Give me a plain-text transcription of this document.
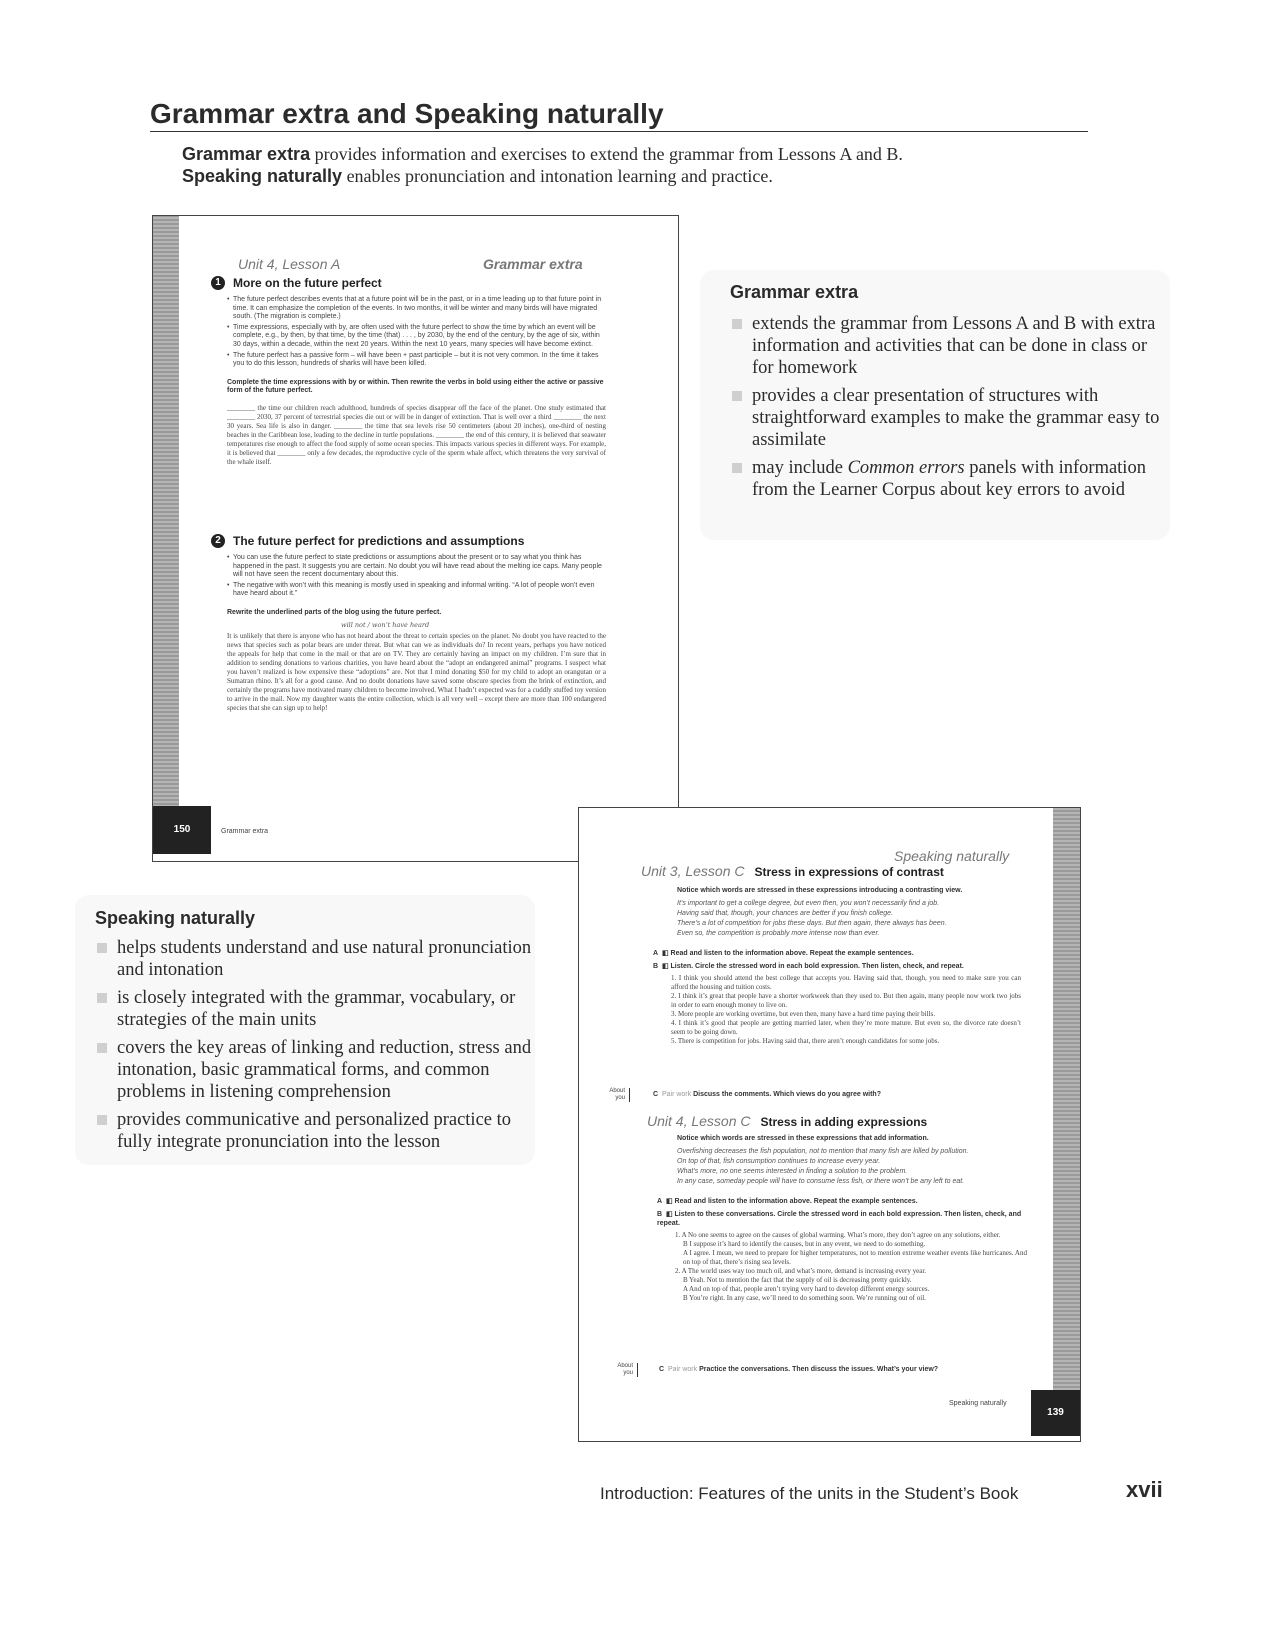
Grammar extra and Speaking naturally
Grammar extra provides information and exercises to extend the grammar from Lessons A and B.
Speaking naturally enables pronunciation and intonation learning and practice.
Grammar extra
extends the grammar from Lessons A and B with extra information and activities that can be done in class or for homework
provides a clear presentation of structures with straightforward examples to make the grammar easy to assimilate
may include Common errors panels with information from the Learner Corpus about key errors to avoid
Speaking naturally
helps students understand and use natural pronunciation and intonation
is closely integrated with the grammar, vocabulary, or strategies of the main units
covers the key areas of linking and reduction, stress and intonation, basic grammatical forms, and common problems in listening comprehension
provides communicative and personalized practice to fully integrate pronunciation into the lesson
150	Grammar extra
Unit 4, Lesson A	Grammar extra
1	More on the future perfect
• The future perfect describes events that at a future point will be in the past, or in a time leading up to that future point in time. It can emphasize the completion of the events. In two months, it will be winter and many birds will have migrated south. (The migration is complete.)
• Time expressions, especially with by, are often used with the future perfect to show the time by which an event will be complete, e.g., by then, by that time, by the time (that) . . . , by 2030, by the end of the century, by the age of six, within 30 days, within a decade, within the next 20 years. Within the next 10 years, many species will have become extinct.
• The future perfect has a passive form – will have been + past participle – but it is not very common. In the time it takes you to do this lesson, hundreds of sharks will have been killed.
Complete the time expressions with by or within. Then rewrite the verbs in bold using either the active or passive form of the future perfect.
________ the time our children reach adulthood, hundreds of species disappear off the face of the planet. One study estimated that ________ 2030, 37 percent of terrestrial species die out or will be in danger of extinction. That is well over a third ________ the next 30 years. Sea life is also in danger. ________ the time that sea levels rise 50 centimeters (about 20 inches), one-third of nesting beaches in the Caribbean lose, leading to the decline in turtle populations. ________ the end of this century, it is believed that seawater temperatures rise enough to affect the food supply of some ocean species. This impacts various species in different ways. For example, it is believed that ________ only a few decades, the reproductive cycle of the sperm whale affect, which threatens the very survival of the whale itself.
2	The future perfect for predictions and assumptions
• You can use the future perfect to state predictions or assumptions about the present or to say what you think has happened in the past. It suggests you are certain. No doubt you will have read about the melting ice caps. Many people will not have seen the recent documentary about this.
• The negative with won’t with this meaning is mostly used in speaking and informal writing. “A lot of people won’t even have heard about it.”
Rewrite the underlined parts of the blog using the future perfect.
will not / won’t have heard
It is unlikely that there is anyone who has not heard about the threat to certain species on the planet. No doubt you have reacted to the news that species such as polar bears are under threat. But what can we as individuals do? In recent years, perhaps you have noticed the appeals for help that come in the mail or that are on TV. They are certainly having an impact on my children. I’m sure that in addition to sending donations to various charities, you have heard about the “adopt an endangered animal” programs. I suspect what you haven’t realized is how expensive these “adoptions” are. Not that I mind donating $50 for my child to adopt an orangutan or a Sumatran rhino. It’s all for a good cause. And no doubt donations have saved some obscure species from the brink of extinction, and certainly the programs have motivated many children to become involved. What I hadn’t expected was for a cuddly stuffed toy version to arrive in the mail. Now my daughter wants the entire collection, which is all very well – except there are more than 100 endangered species that she can sign up to help!
139
Speaking naturally
Speaking naturally
Unit 3, Lesson C Stress in expressions of contrast
Notice which words are stressed in these expressions introducing a contrasting view.
It’s important to get a college degree, but even then, you won’t necessarily find a job.
Having said that, though, your chances are better if you finish college.
There’s a lot of competition for jobs these days. But then again, there always has been.
Even so, the competition is probably more intense now than ever.
A ◧ Read and listen to the information above. Repeat the example sentences.
B ◧ Listen. Circle the stressed word in each bold expression. Then listen, check, and repeat.
1. I think you should attend the best college that accepts you. Having said that, though, you need to make sure you can afford the housing and tuition costs.
2. I think it’s great that people have a shorter workweek than they used to. But then again, many people now work two jobs in order to earn enough money to live on.
3. More people are working overtime, but even then, many have a hard time paying their bills.
4. I think it’s good that people are getting married later, when they’re more mature. But even so, the divorce rate doesn’t seem to be going down.
5. There is competition for jobs. Having said that, there aren’t enough candidates for some jobs.
About you	C Pair work Discuss the comments. Which views do you agree with?
Unit 4, Lesson C Stress in adding expressions
Notice which words are stressed in these expressions that add information.
Overfishing decreases the fish population, not to mention that many fish are killed by pollution.
On top of that, fish consumption continues to increase every year.
What’s more, no one seems interested in finding a solution to the problem.
In any case, someday people will have to consume less fish, or there won’t be any left to eat.
A ◧ Read and listen to the information above. Repeat the example sentences.
B ◧ Listen to these conversations. Circle the stressed word in each bold expression. Then listen, check, and repeat.
1. A No one seems to agree on the causes of global warming. What’s more, they don’t agree on any solutions, either.
B I suppose it’s hard to identify the causes, but in any event, we need to do something.
A I agree. I mean, we need to prepare for higher temperatures, not to mention extreme weather events like hurricanes. And on top of that, there’s rising sea levels.
2. A The world uses way too much oil, and what’s more, demand is increasing every year.
B Yeah. Not to mention the fact that the supply of oil is decreasing pretty quickly.
A And on top of that, people aren’t trying very hard to develop different energy sources.
B You’re right. In any case, we’ll need to do something soon. We’re running out of oil.
About you	C Pair work Practice the conversations. Then discuss the issues. What’s your view?
Introduction: Features of the units in the Student’s Book	xvii
